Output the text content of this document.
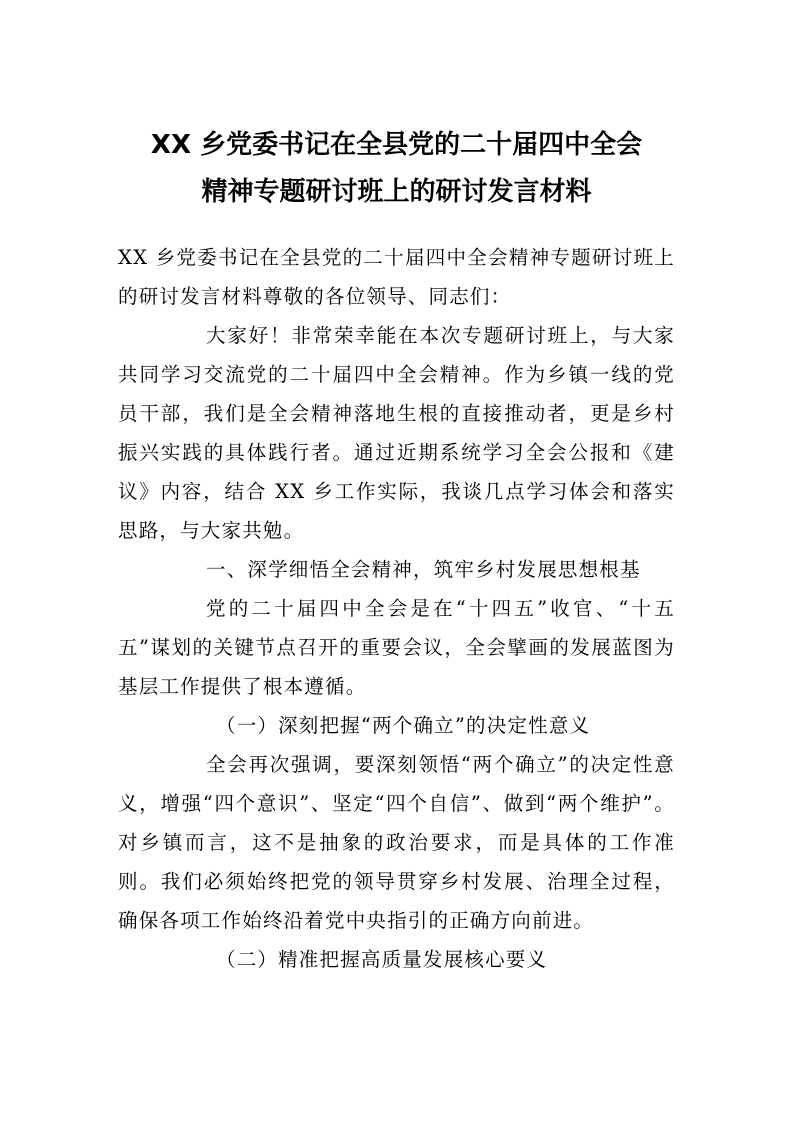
XX 乡党委书记在全县党的二十届四中全会
精神专题研讨班上的研讨发言材料

XX 乡党委书记在全县党的二十届四中全会精神专题研讨班上的研讨发言材料尊敬的各位领导、同志们：

大家好！非常荣幸能在本次专题研讨班上，与大家共同学习交流党的二十届四中全会精神。作为乡镇一线的党员干部，我们是全会精神落地生根的直接推动者，更是乡村振兴实践的具体践行者。通过近期系统学习全会公报和《建议》内容，结合 XX 乡工作实际，我谈几点学习体会和落实思路，与大家共勉。

一、深学细悟全会精神，筑牢乡村发展思想根基

党的二十届四中全会是在“十四五”收官、“十五五”谋划的关键节点召开的重要会议，全会擘画的发展蓝图为基层工作提供了根本遵循。

（一）深刻把握“两个确立”的决定性意义

全会再次强调，要深刻领悟“两个确立”的决定性意义，增强“四个意识”、坚定“四个自信”、做到“两个维护”。对乡镇而言，这不是抽象的政治要求，而是具体的工作准则。我们必须始终把党的领导贯穿乡村发展、治理全过程，确保各项工作始终沿着党中央指引的正确方向前进。

（二）精准把握高质量发展核心要义
